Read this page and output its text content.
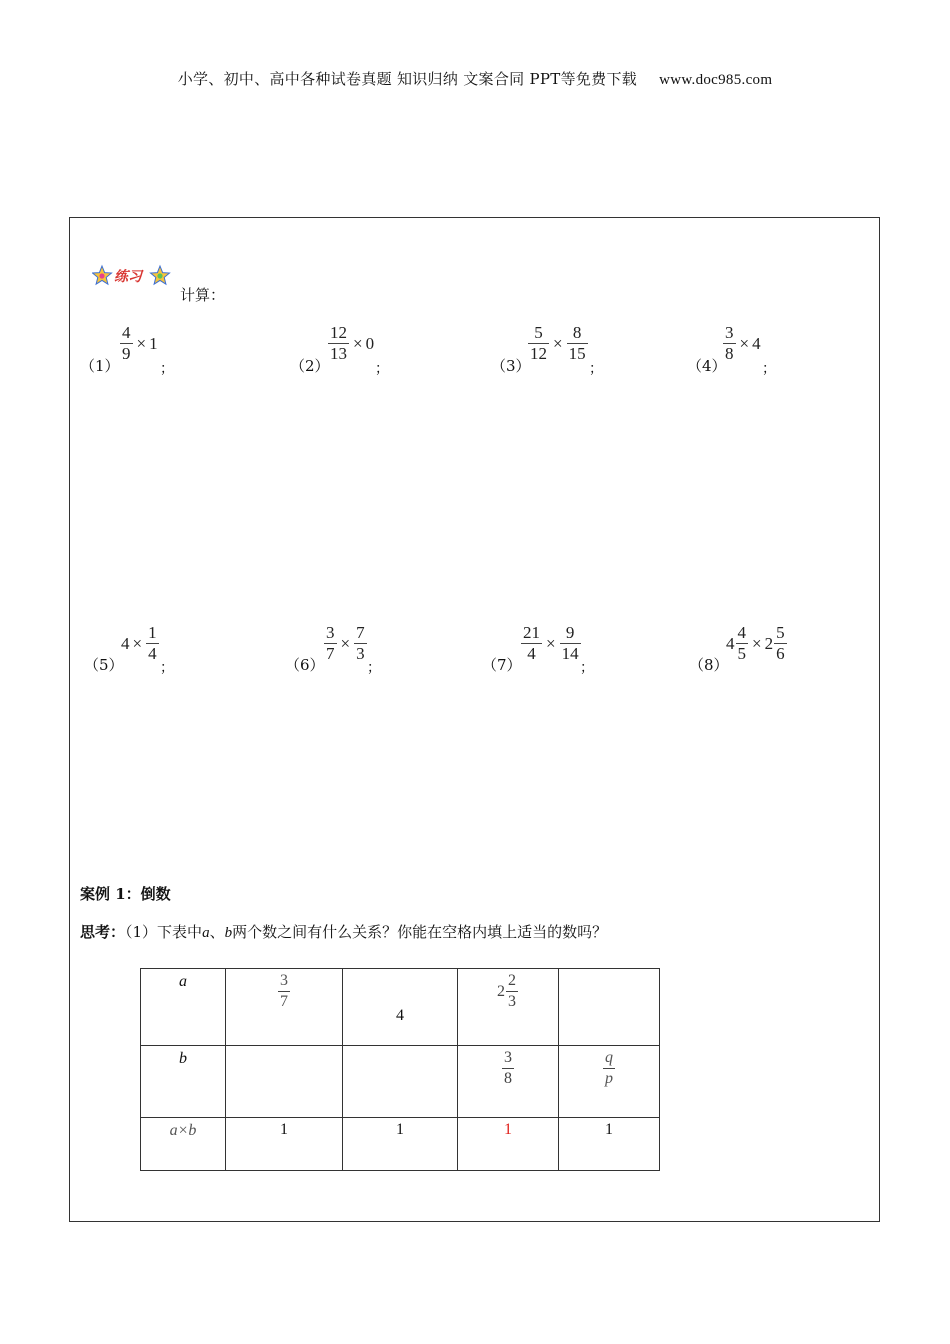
小学、初中、高中各种试卷真题 知识归纳 文案合同 PPT等免费下载 www.doc985.com
练习
计算：
（1）
$\frac{4}{9} \times 1$
；	（2）
$\frac{12}{13} \times 0$
；	（3）
$\frac{5}{12} \times \frac{8}{15}$
；	（4）
$\frac{3}{8} \times 4$
；
（5）
$4 \times \frac{1}{4}$
；	（6）
$\frac{3}{7} \times \frac{7}{3}$
；	（7）
$\frac{21}{4} \times \frac{9}{14}$
；	（8）
$4 \frac{4}{5} \times 2 \frac{5}{6}$
案例 1：倒数
思考：（1）下表中a、b两个数之间有什么关系？你能在空格内填上适当的数吗？
a	$\frac{3}{7}$	4	$2 \frac{2}{3}$

b			$\frac{3}{8}$	$\frac{q}{p}$

a×b	1	1	1	1
